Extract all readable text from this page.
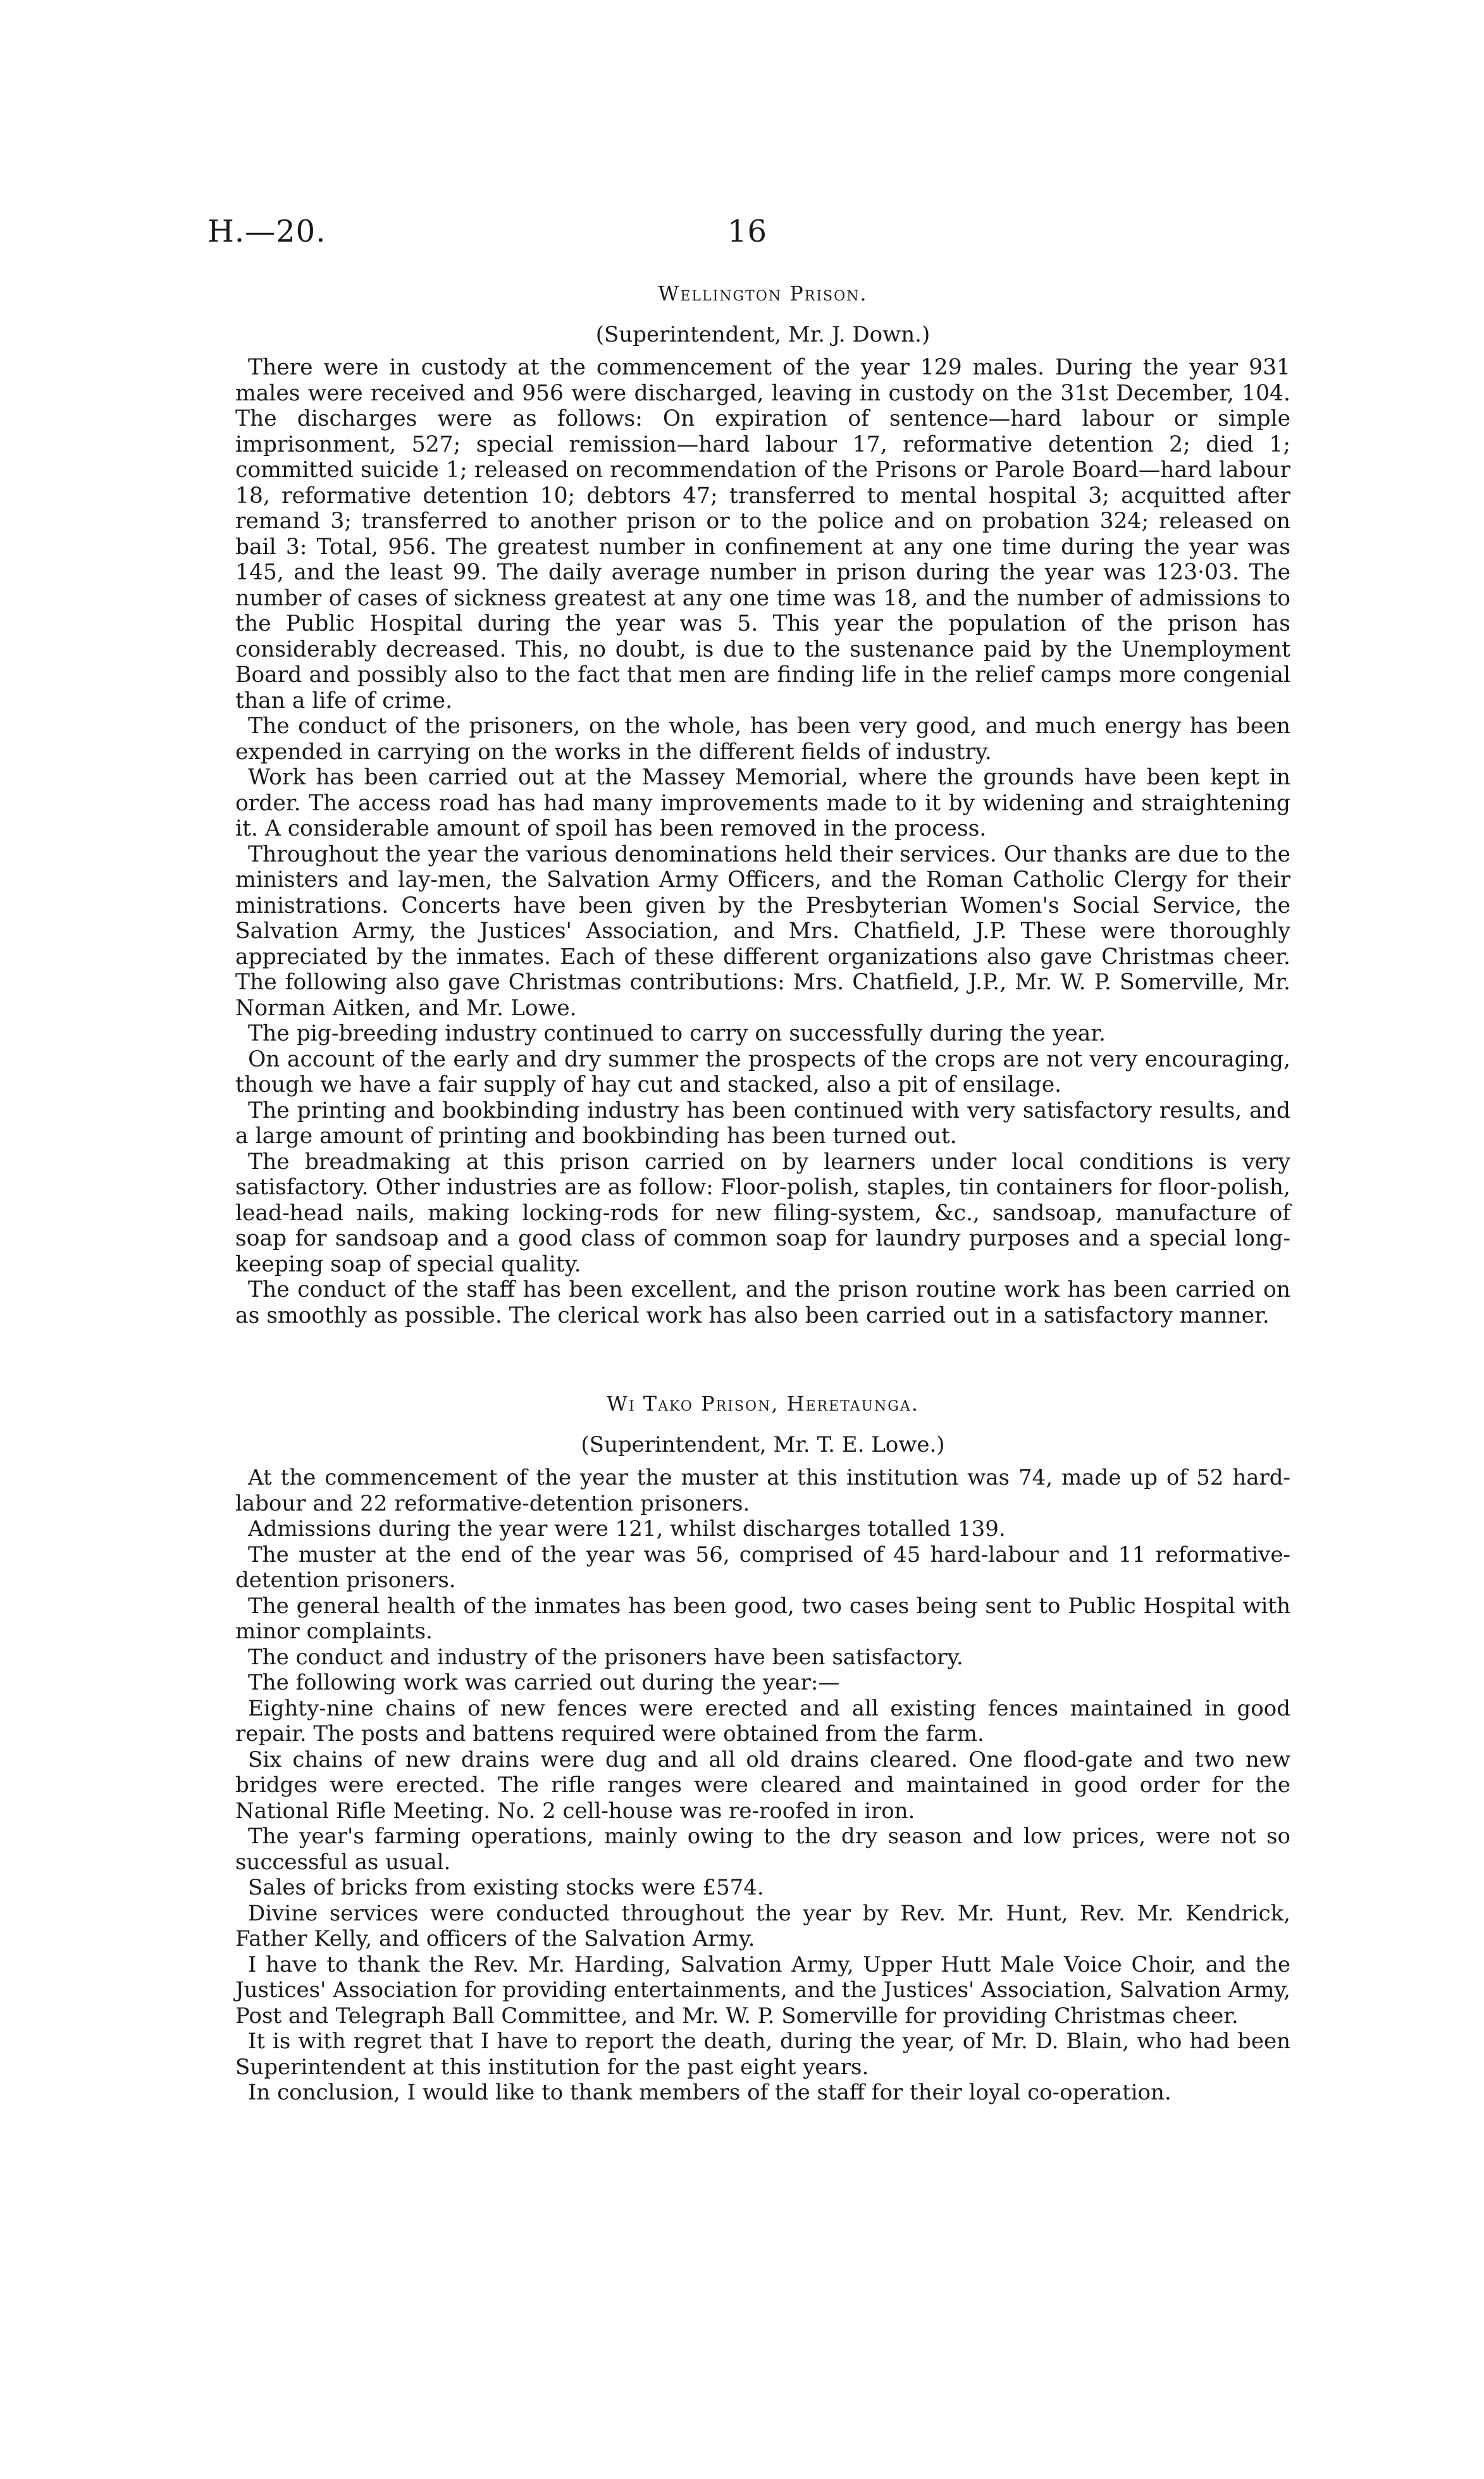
H.—20.	16
Wellington Prison.
(Superintendent, Mr. J. Down.)

There were in custody at the commencement of the year 129 males. During the year 931 males were received and 956 were discharged, leaving in custody on the 31st December, 104. The discharges were as follows: On expiration of sentence—hard labour or simple imprisonment, 527; special remission—hard labour 17, reformative detention 2; died 1; committed suicide 1; released on recommendation of the Prisons or Parole Board—hard labour 18, reformative detention 10; debtors 47; transferred to mental hospital 3; acquitted after remand 3; transferred to another prison or to the police and on probation 324; released on bail 3: Total, 956. The greatest number in confinement at any one time during the year was 145, and the least 99. The daily average number in prison during the year was 123·03. The number of cases of sickness greatest at any one time was 18, and the number of admissions to the Public Hospital during the year was 5. This year the population of the prison has considerably decreased. This, no doubt, is due to the sustenance paid by the Unemployment Board and possibly also to the fact that men are finding life in the relief camps more congenial than a life of crime.

The conduct of the prisoners, on the whole, has been very good, and much energy has been expended in carrying on the works in the different fields of industry.

Work has been carried out at the Massey Memorial, where the grounds have been kept in order. The access road has had many improvements made to it by widening and straightening it. A considerable amount of spoil has been removed in the process.

Throughout the year the various denominations held their services. Our thanks are due to the ministers and lay-men, the Salvation Army Officers, and the Roman Catholic Clergy for their ministrations. Concerts have been given by the Presbyterian Women's Social Service, the Salvation Army, the Justices' Association, and Mrs. Chatfield, J.P. These were thoroughly appreciated by the inmates. Each of these different organizations also gave Christmas cheer. The following also gave Christmas contributions: Mrs. Chatfield, J.P., Mr. W. P. Somerville, Mr. Norman Aitken, and Mr. Lowe.

The pig-breeding industry continued to carry on successfully during the year.

On account of the early and dry summer the prospects of the crops are not very encouraging, though we have a fair supply of hay cut and stacked, also a pit of ensilage.

The printing and bookbinding industry has been continued with very satisfactory results, and a large amount of printing and bookbinding has been turned out.

The breadmaking at this prison carried on by learners under local conditions is very satisfactory. Other industries are as follow: Floor-polish, staples, tin containers for floor-polish, lead-head nails, making locking-rods for new filing-system, &c., sandsoap, manufacture of soap for sandsoap and a good class of common soap for laundry purposes and a special long-keeping soap of special quality.

The conduct of the staff has been excellent, and the prison routine work has been carried on as smoothly as possible. The clerical work has also been carried out in a satisfactory manner.

Wi Tako Prison, Heretaunga.
(Superintendent, Mr. T. E. Lowe.)

At the commencement of the year the muster at this institution was 74, made up of 52 hard-labour and 22 reformative-detention prisoners.

Admissions during the year were 121, whilst discharges totalled 139.

The muster at the end of the year was 56, comprised of 45 hard-labour and 11 reformative-detention prisoners.

The general health of the inmates has been good, two cases being sent to Public Hospital with minor complaints.

The conduct and industry of the prisoners have been satisfactory.

The following work was carried out during the year:—

Eighty-nine chains of new fences were erected and all existing fences maintained in good repair. The posts and battens required were obtained from the farm.

Six chains of new drains were dug and all old drains cleared. One flood-gate and two new bridges were erected. The rifle ranges were cleared and maintained in good order for the National Rifle Meeting. No. 2 cell-house was re-roofed in iron.

The year's farming operations, mainly owing to the dry season and low prices, were not so successful as usual.

Sales of bricks from existing stocks were £574.

Divine services were conducted throughout the year by Rev. Mr. Hunt, Rev. Mr. Kendrick, Father Kelly, and officers of the Salvation Army.

I have to thank the Rev. Mr. Harding, Salvation Army, Upper Hutt Male Voice Choir, and the Justices' Association for providing entertainments, and the Justices' Association, Salvation Army, Post and Telegraph Ball Committee, and Mr. W. P. Somerville for providing Christmas cheer.

It is with regret that I have to report the death, during the year, of Mr. D. Blain, who had been Superintendent at this institution for the past eight years.

In conclusion, I would like to thank members of the staff for their loyal co-operation.
